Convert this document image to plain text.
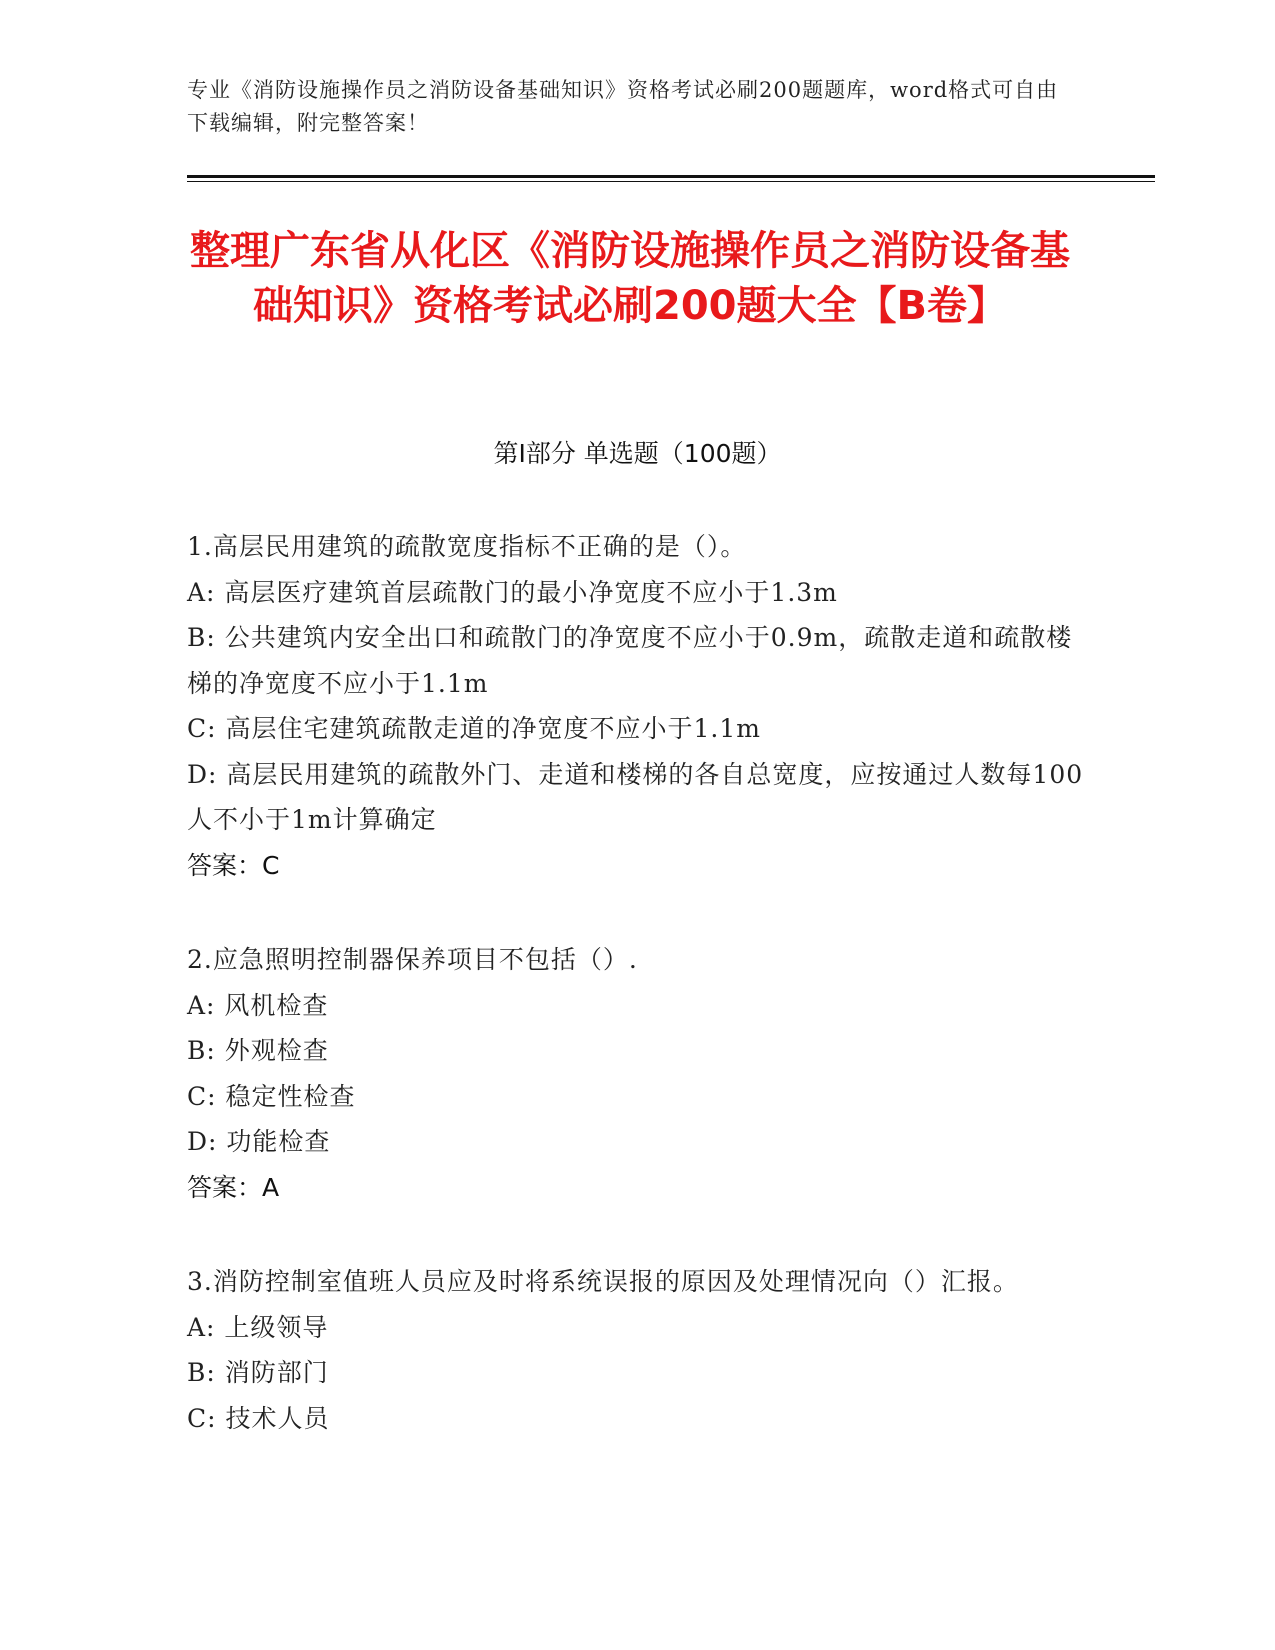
专业《消防设施操作员之消防设备基础知识》资格考试必刷200题题库，word格式可自由下载编辑，附完整答案！
整理广东省从化区《消防设施操作员之消防设备基础知识》资格考试必刷200题大全【B卷】
第Ⅰ部分 单选题（100题）
1.高层民用建筑的疏散宽度指标不正确的是（）。
A: 高层医疗建筑首层疏散门的最小净宽度不应小于1.3m
B: 公共建筑内安全出口和疏散门的净宽度不应小于0.9m，疏散走道和疏散楼梯的净宽度不应小于1.1m
C: 高层住宅建筑疏散走道的净宽度不应小于1.1m
D: 高层民用建筑的疏散外门、走道和楼梯的各自总宽度，应按通过人数每100人不小于1m计算确定
答案：C
2.应急照明控制器保养项目不包括（）.
A: 风机检查
B: 外观检查
C: 稳定性检查
D: 功能检查
答案：A
3.消防控制室值班人员应及时将系统误报的原因及处理情况向（）汇报。
A: 上级领导
B: 消防部门
C: 技术人员
